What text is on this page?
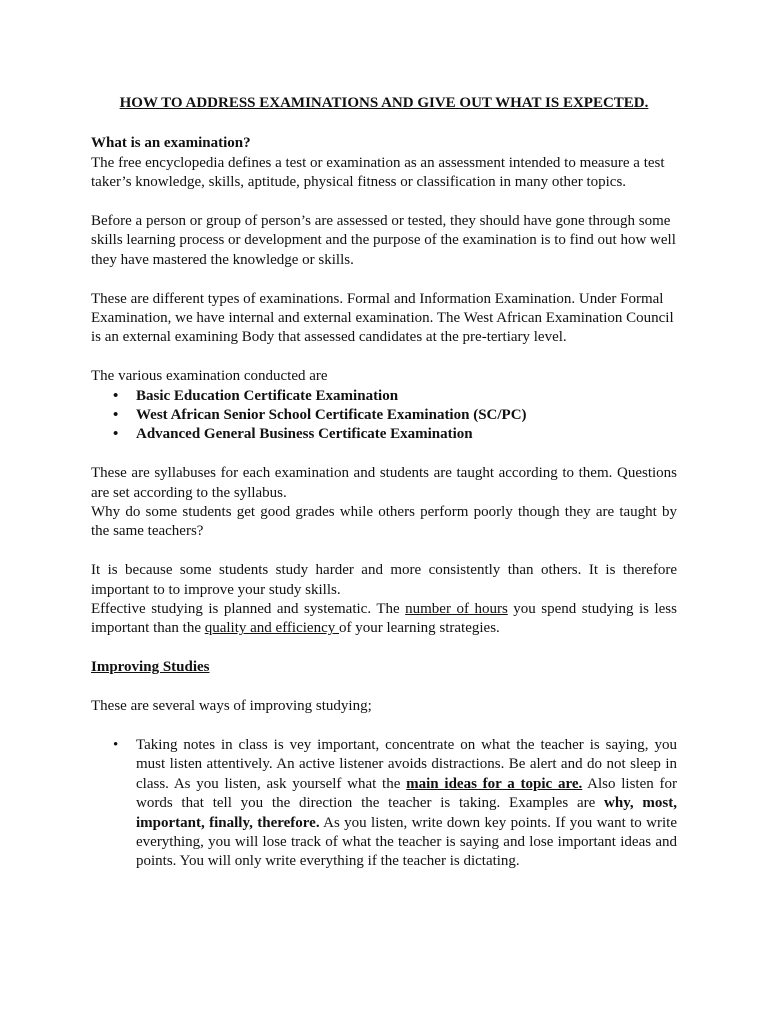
HOW TO ADDRESS EXAMINATIONS AND GIVE OUT WHAT IS EXPECTED.
What is an examination?

The free encyclopedia defines a test or examination as an assessment intended to measure a test taker’s knowledge, skills, aptitude, physical fitness or classification in many other topics.

Before a person or group of person’s are assessed or tested, they should have gone through some skills learning process or development and the purpose of the examination is to find out how well they have mastered the knowledge or skills.

These are different types of examinations. Formal and Information Examination. Under Formal Examination, we have internal and external examination. The West African Examination Council is an external examining Body that assessed candidates at the pre-tertiary level.

The various examination conducted are

• Basic Education Certificate Examination
• West African Senior School Certificate Examination (SC/PC)
• Advanced General Business Certificate Examination

These are syllabuses for each examination and students are taught according to them. Questions are set according to the syllabus.

Why do some students get good grades while others perform poorly though they are taught by the same teachers?

It is because some students study harder and more consistently than others. It is therefore important to to improve your study skills.

Effective studying is planned and systematic. The number of hours you spend studying is less important than the quality and efficiency of your learning strategies.

Improving Studies

These are several ways of improving studying;

• Taking notes in class is vey important, concentrate on what the teacher is saying, you must listen attentively. An active listener avoids distractions. Be alert and do not sleep in class. As you listen, ask yourself what the main ideas for a topic are. Also listen for words that tell you the direction the teacher is taking. Examples are why, most, important, finally, therefore. As you listen, write down key points. If you want to write everything, you will lose track of what the teacher is saying and lose important ideas and points. You will only write everything if the teacher is dictating.
